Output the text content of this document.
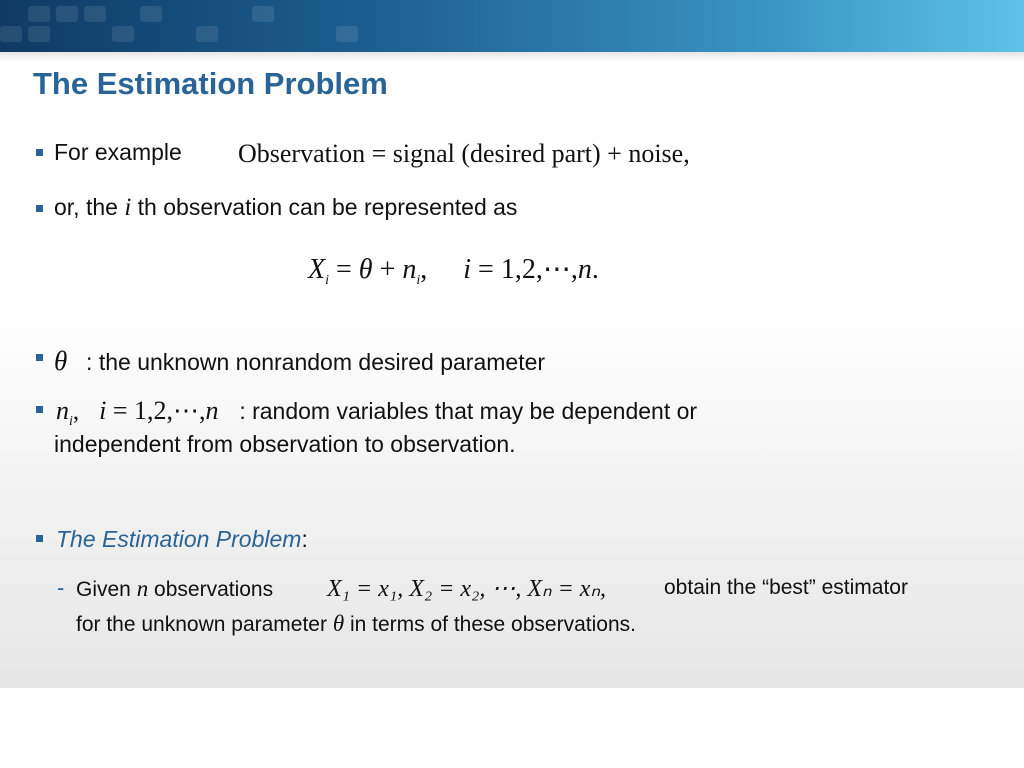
The Estimation Problem
For example Observation = signal (desired part) + noise,
or, the i th observation can be represented as
$X_i = \theta + n_i$, i = 1,2,⋯,n.
θ : the unknown nonrandom desired parameter
$n_i$, i = 1,2,⋯,n : random variables that may be dependent or
independent from observation to observation.
The Estimation Problem:
- Given n observations X₁ = x₁, X₂ = x₂, ⋯, Xₙ = xₙ,	obtain the “best” estimator
for the unknown parameter θ in terms of these observations.
